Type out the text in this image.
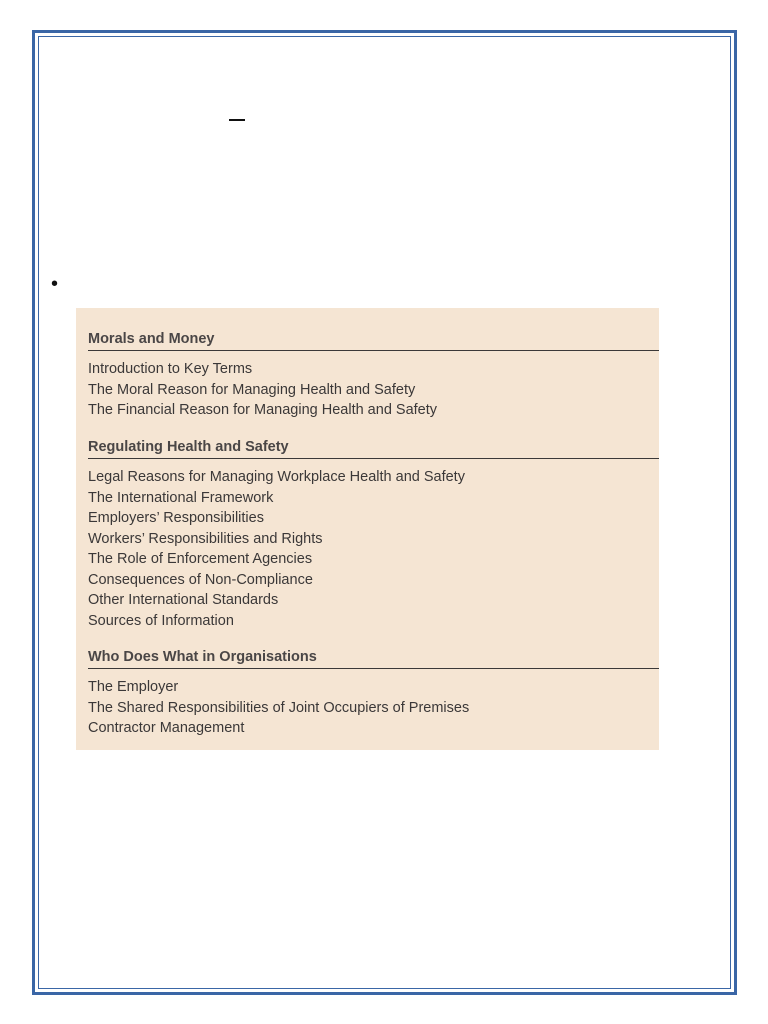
•
Morals and Money
Introduction to Key Terms
The Moral Reason for Managing Health and Safety
The Financial Reason for Managing Health and Safety
Regulating Health and Safety
Legal Reasons for Managing Workplace Health and Safety
The International Framework
Employers’ Responsibilities
Workers’ Responsibilities and Rights
The Role of Enforcement Agencies
Consequences of Non-Compliance
Other International Standards
Sources of Information
Who Does What in Organisations
The Employer
The Shared Responsibilities of Joint Occupiers of Premises
Contractor Management
